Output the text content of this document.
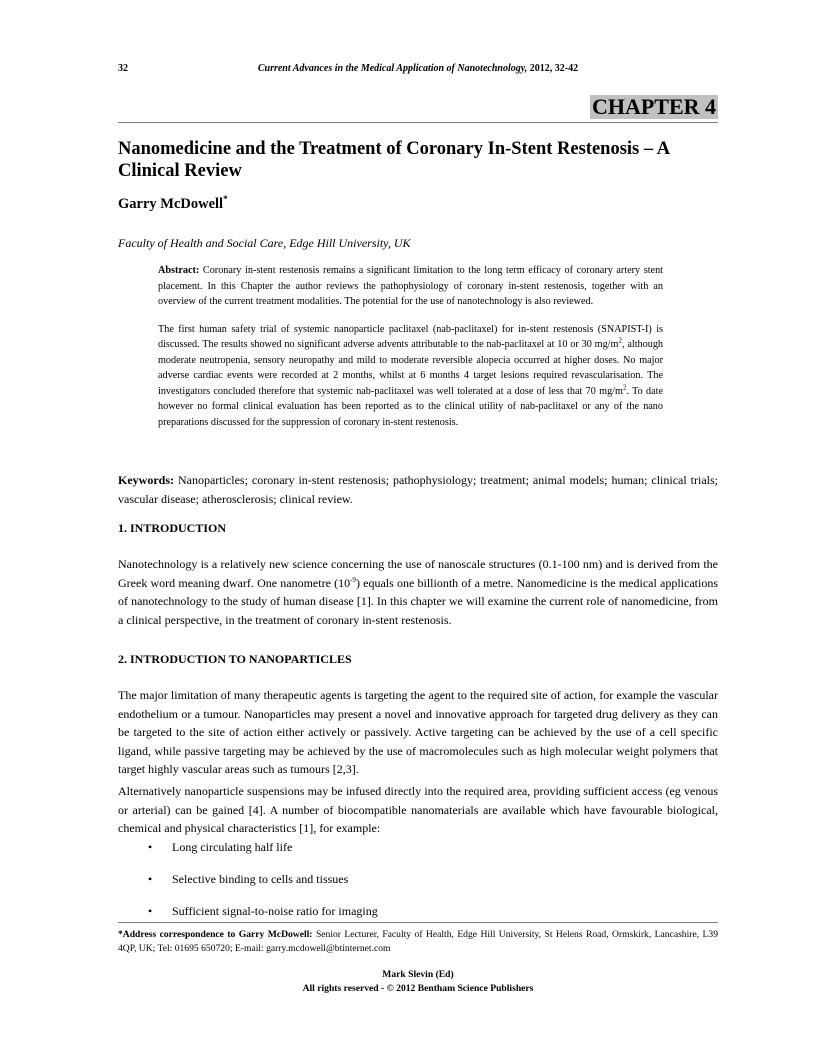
32	Current Advances in the Medical Application of Nanotechnology, 2012, 32-42
CHAPTER 4
Nanomedicine and the Treatment of Coronary In-Stent Restenosis – A Clinical Review
Garry McDowell*
Faculty of Health and Social Care, Edge Hill University, UK

Abstract: Coronary in-stent restenosis remains a significant limitation to the long term efficacy of coronary artery stent placement. In this Chapter the author reviews the pathophysiology of coronary in-stent restenosis, together with an overview of the current treatment modalities. The potential for the use of nanotechnology is also reviewed.

The first human safety trial of systemic nanoparticle paclitaxel (nab-paclitaxel) for in-stent restenosis (SNAPIST-I) is discussed. The results showed no significant adverse advents attributable to the nab-paclitaxel at 10 or 30 $mg/m^2$, although moderate neutropenia, sensory neuropathy and mild to moderate reversible alopecia occurred at higher doses. No major adverse cardiac events were recorded at 2 months, whilst at 6 months 4 target lesions required revascularisation. The investigators concluded therefore that systemic nab-paclitaxel was well tolerated at a dose of less that 70 $mg/m^2$. To date however no formal clinical evaluation has been reported as to the clinical utility of nab-paclitaxel or any of the nano preparations discussed for the suppression of coronary in-stent restenosis.

Keywords: Nanoparticles; coronary in-stent restenosis; pathophysiology; treatment; animal models; human; clinical trials; vascular disease; atherosclerosis; clinical review.

1. INTRODUCTION

Nanotechnology is a relatively new science concerning the use of nanoscale structures (0.1-100 nm) and is derived from the Greek word meaning dwarf. One nanometre $(10^{-9})$ equals one billionth of a metre. Nanomedicine is the medical applications of nanotechnology to the study of human disease [1]. In this chapter we will examine the current role of nanomedicine, from a clinical perspective, in the treatment of coronary in-stent restenosis.

2. INTRODUCTION TO NANOPARTICLES

The major limitation of many therapeutic agents is targeting the agent to the required site of action, for example the vascular endothelium or a tumour. Nanoparticles may present a novel and innovative approach for targeted drug delivery as they can be targeted to the site of action either actively or passively. Active targeting can be achieved by the use of a cell specific ligand, while passive targeting may be achieved by the use of macromolecules such as high molecular weight polymers that target highly vascular areas such as tumours [2,3].

Alternatively nanoparticle suspensions may be infused directly into the required area, providing sufficient access (eg venous or arterial) can be gained [4]. A number of biocompatible nanomaterials are available which have favourable biological, chemical and physical characteristics [1], for example:

•	Long circulating half life
•	Selective binding to cells and tissues
•	Sufficient signal-to-noise ratio for imaging
*Address correspondence to Garry McDowell: Senior Lecturer, Faculty of Health, Edge Hill University, St Helens Road, Ormskirk, Lancashire, L39 4QP, UK; Tel: 01695 650720; E-mail: garry.mcdowell@btinternet.com
Mark Slevin (Ed)
All rights reserved - © 2012 Bentham Science Publishers
